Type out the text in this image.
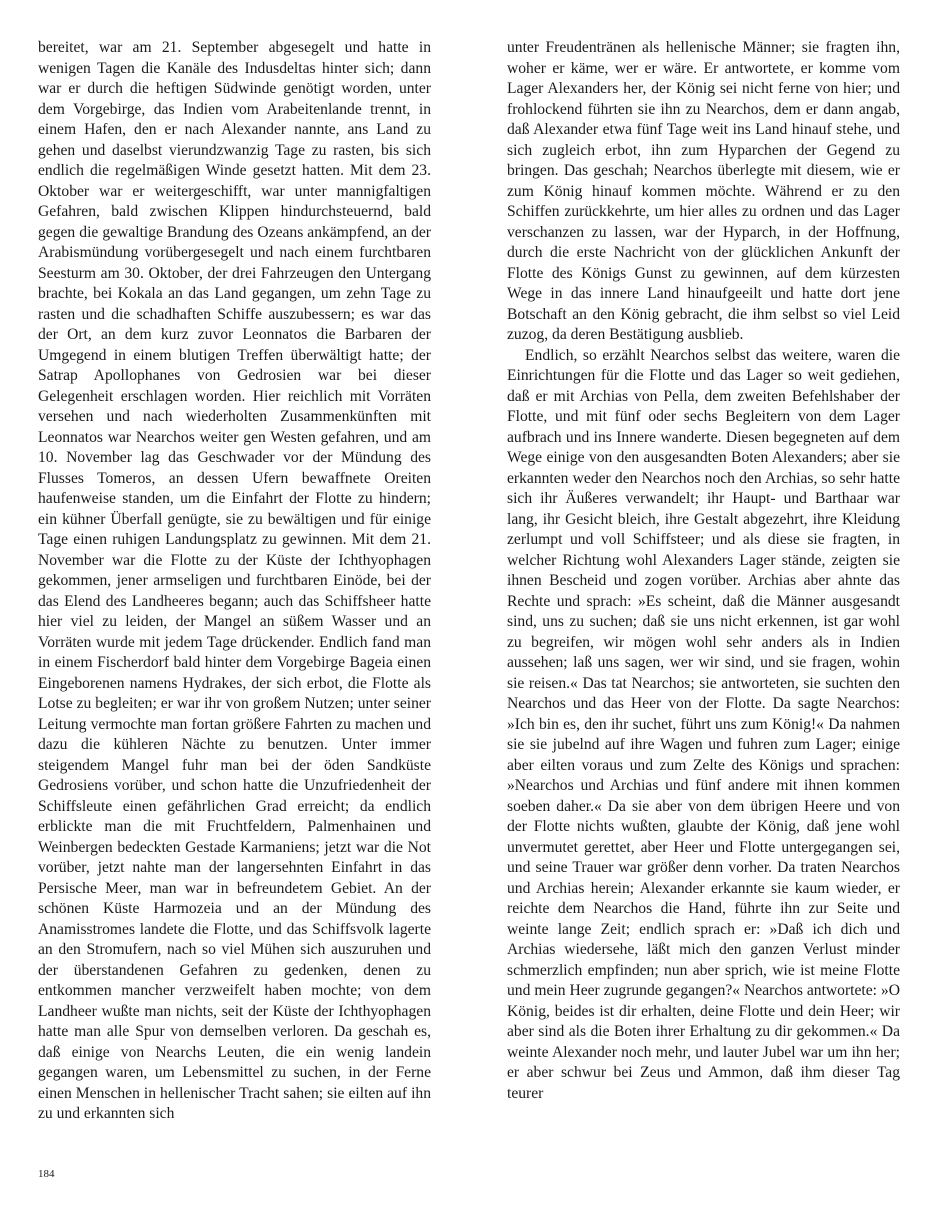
bereitet, war am 21. September abgesegelt und hatte in wenigen Tagen die Kanäle des Indusdeltas hinter sich; dann war er durch die heftigen Südwinde genötigt worden, unter dem Vorgebirge, das Indien vom Arabeitenlande trennt, in einem Hafen, den er nach Alexander nannte, ans Land zu gehen und daselbst vierundzwanzig Tage zu rasten, bis sich endlich die regelmäßigen Winde gesetzt hatten. Mit dem 23. Oktober war er weitergeschifft, war unter mannigfaltigen Gefahren, bald zwischen Klippen hindurchsteuernd, bald gegen die gewaltige Brandung des Ozeans ankämpfend, an der Arabismündung vorübergesegelt und nach einem furchtbaren Seesturm am 30. Oktober, der drei Fahrzeugen den Untergang brachte, bei Kokala an das Land gegangen, um zehn Tage zu rasten und die schadhaften Schiffe auszubessern; es war das der Ort, an dem kurz zuvor Leonnatos die Barbaren der Umgegend in einem blutigen Treffen überwältigt hatte; der Satrap Apollophanes von Gedrosien war bei dieser Gelegenheit erschlagen worden. Hier reichlich mit Vorräten versehen und nach wiederholten Zusammenkünften mit Leonnatos war Nearchos weiter gen Westen gefahren, und am 10. November lag das Geschwader vor der Mündung des Flusses Tomeros, an dessen Ufern bewaffnete Oreiten haufenweise standen, um die Einfahrt der Flotte zu hindern; ein kühner Überfall genügte, sie zu bewältigen und für einige Tage einen ruhigen Landungsplatz zu gewinnen. Mit dem 21. November war die Flotte zu der Küste der Ichthyophagen gekommen, jener armseligen und furchtbaren Einöde, bei der das Elend des Landheeres begann; auch das Schiffsheer hatte hier viel zu leiden, der Mangel an süßem Wasser und an Vorräten wurde mit jedem Tage drückender. Endlich fand man in einem Fischerdorf bald hinter dem Vorgebirge Bageia einen Eingeborenen namens Hydrakes, der sich erbot, die Flotte als Lotse zu begleiten; er war ihr von großem Nutzen; unter seiner Leitung vermochte man fortan größere Fahrten zu machen und dazu die kühleren Nächte zu benutzen. Unter immer steigendem Mangel fuhr man bei der öden Sandküste Gedrosiens vorüber, und schon hatte die Unzufriedenheit der Schiffsleute einen gefährlichen Grad erreicht; da endlich erblickte man die mit Fruchtfeldern, Palmenhainen und Weinbergen bedeckten Gestade Karmaniens; jetzt war die Not vorüber, jetzt nahte man der langersehnten Einfahrt in das Persische Meer, man war in befreundetem Gebiet. An der schönen Küste Harmozeia und an der Mündung des Anamisstromes landete die Flotte, und das Schiffsvolk lagerte an den Stromufern, nach so viel Mühen sich auszuruhen und der überstandenen Gefahren zu gedenken, denen zu entkommen mancher verzweifelt haben mochte; von dem Landheer wußte man nichts, seit der Küste der Ichthyophagen hatte man alle Spur von demselben verloren. Da geschah es, daß einige von Nearchs Leuten, die ein wenig landein gegangen waren, um Lebensmittel zu suchen, in der Ferne einen Menschen in hellenischer Tracht sahen; sie eilten auf ihn zu und erkannten sich

unter Freudentränen als hellenische Männer; sie fragten ihn, woher er käme, wer er wäre. Er antwortete, er komme vom Lager Alexanders her, der König sei nicht ferne von hier; und frohlockend führten sie ihn zu Nearchos, dem er dann angab, daß Alexander etwa fünf Tage weit ins Land hinauf stehe, und sich zugleich erbot, ihn zum Hyparchen der Gegend zu bringen. Das geschah; Nearchos überlegte mit diesem, wie er zum König hinauf kommen möchte. Während er zu den Schiffen zurückkehrte, um hier alles zu ordnen und das Lager verschanzen zu lassen, war der Hyparch, in der Hoffnung, durch die erste Nachricht von der glücklichen Ankunft der Flotte des Königs Gunst zu gewinnen, auf dem kürzesten Wege in das innere Land hinaufgeeilt und hatte dort jene Botschaft an den König gebracht, die ihm selbst so viel Leid zuzog, da deren Bestätigung ausblieb.

Endlich, so erzählt Nearchos selbst das weitere, waren die Einrichtungen für die Flotte und das Lager so weit gediehen, daß er mit Archias von Pella, dem zweiten Befehlshaber der Flotte, und mit fünf oder sechs Begleitern von dem Lager aufbrach und ins Innere wanderte. Diesen begegneten auf dem Wege einige von den ausgesandten Boten Alexanders; aber sie erkannten weder den Nearchos noch den Archias, so sehr hatte sich ihr Äußeres verwandelt; ihr Haupt- und Barthaar war lang, ihr Gesicht bleich, ihre Gestalt abgezehrt, ihre Kleidung zerlumpt und voll Schiffsteer; und als diese sie fragten, in welcher Richtung wohl Alexanders Lager stände, zeigten sie ihnen Bescheid und zogen vorüber. Archias aber ahnte das Rechte und sprach: »Es scheint, daß die Männer ausgesandt sind, uns zu suchen; daß sie uns nicht erkennen, ist gar wohl zu begreifen, wir mögen wohl sehr anders als in Indien aussehen; laß uns sagen, wer wir sind, und sie fragen, wohin sie reisen.« Das tat Nearchos; sie antworteten, sie suchten den Nearchos und das Heer von der Flotte. Da sagte Nearchos: »Ich bin es, den ihr suchet, führt uns zum König!« Da nahmen sie sie jubelnd auf ihre Wagen und fuhren zum Lager; einige aber eilten voraus und zum Zelte des Königs und sprachen: »Nearchos und Archias und fünf andere mit ihnen kommen soeben daher.« Da sie aber von dem übrigen Heere und von der Flotte nichts wußten, glaubte der König, daß jene wohl unvermutet gerettet, aber Heer und Flotte untergegangen sei, und seine Trauer war größer denn vorher. Da traten Nearchos und Archias herein; Alexander erkannte sie kaum wieder, er reichte dem Nearchos die Hand, führte ihn zur Seite und weinte lange Zeit; endlich sprach er: »Daß ich dich und Archias wiedersehe, läßt mich den ganzen Verlust minder schmerzlich empfinden; nun aber sprich, wie ist meine Flotte und mein Heer zugrunde gegangen?« Nearchos antwortete: »O König, beides ist dir erhalten, deine Flotte und dein Heer; wir aber sind als die Boten ihrer Erhaltung zu dir gekommen.« Da weinte Alexander noch mehr, und lauter Jubel war um ihn her; er aber schwur bei Zeus und Ammon, daß ihm dieser Tag teurer

184
